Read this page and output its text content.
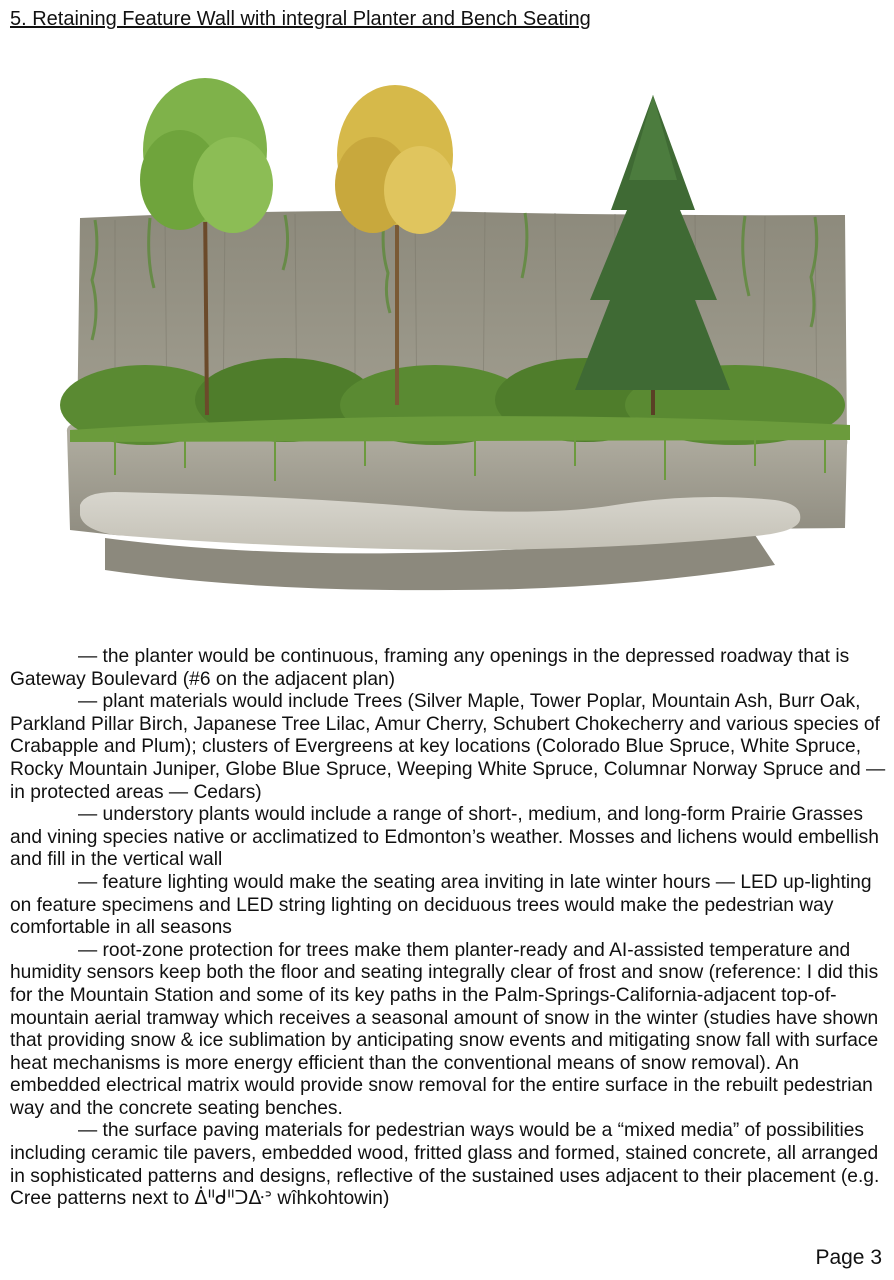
5. Retaining Feature Wall with integral Planter and Bench Seating

— the planter would be continuous, framing any openings in the depressed roadway that is Gateway Boulevard (#6 on the adjacent plan)

— plant materials would include Trees (Silver Maple, Tower Poplar, Mountain Ash, Burr Oak, Parkland Pillar Birch, Japanese Tree Lilac, Amur Cherry, Schubert Chokecherry and various species of Crabapple and Plum); clusters of Evergreens at key locations (Colorado Blue Spruce, White Spruce, Rocky Mountain Juniper, Globe Blue Spruce, Weeping White Spruce, Columnar Norway Spruce and — in protected areas — Cedars)

— understory plants would include a range of short-, medium, and long-form Prairie Grasses and vining species native or acclimatized to Edmonton’s weather. Mosses and lichens would embellish and fill in the vertical wall

— feature lighting would make the seating area inviting in late winter hours — LED up-lighting on feature specimens and LED string lighting on deciduous trees would make the pedestrian way comfortable in all seasons

— root-zone protection for trees make them planter-ready and AI-assisted temperature and humidity sensors keep both the floor and seating integrally clear of frost and snow (reference: I did this for the Mountain Station and some of its key paths in the Palm-Springs-California-adjacent top-of-mountain aerial tramway which receives a seasonal amount of snow in the winter (studies have shown that providing snow & ice sublimation by anticipating snow events and mitigating snow fall with surface heat mechanisms is more energy efficient than the conventional means of snow removal). An embedded electrical matrix would provide snow removal for the entire surface in the rebuilt pedestrian way and the concrete seating benches.

— the surface paving materials for pedestrian ways would be a “mixed media” of possibilities including ceramic tile pavers, embedded wood, fritted glass and formed, stained concrete, all arranged in sophisticated patterns and designs, reflective of the sustained uses adjacent to their placement (e.g. Cree patterns next to ᐄᐦᑯᐦᑐᐏᐣ wîhkohtowin)

Page 3
